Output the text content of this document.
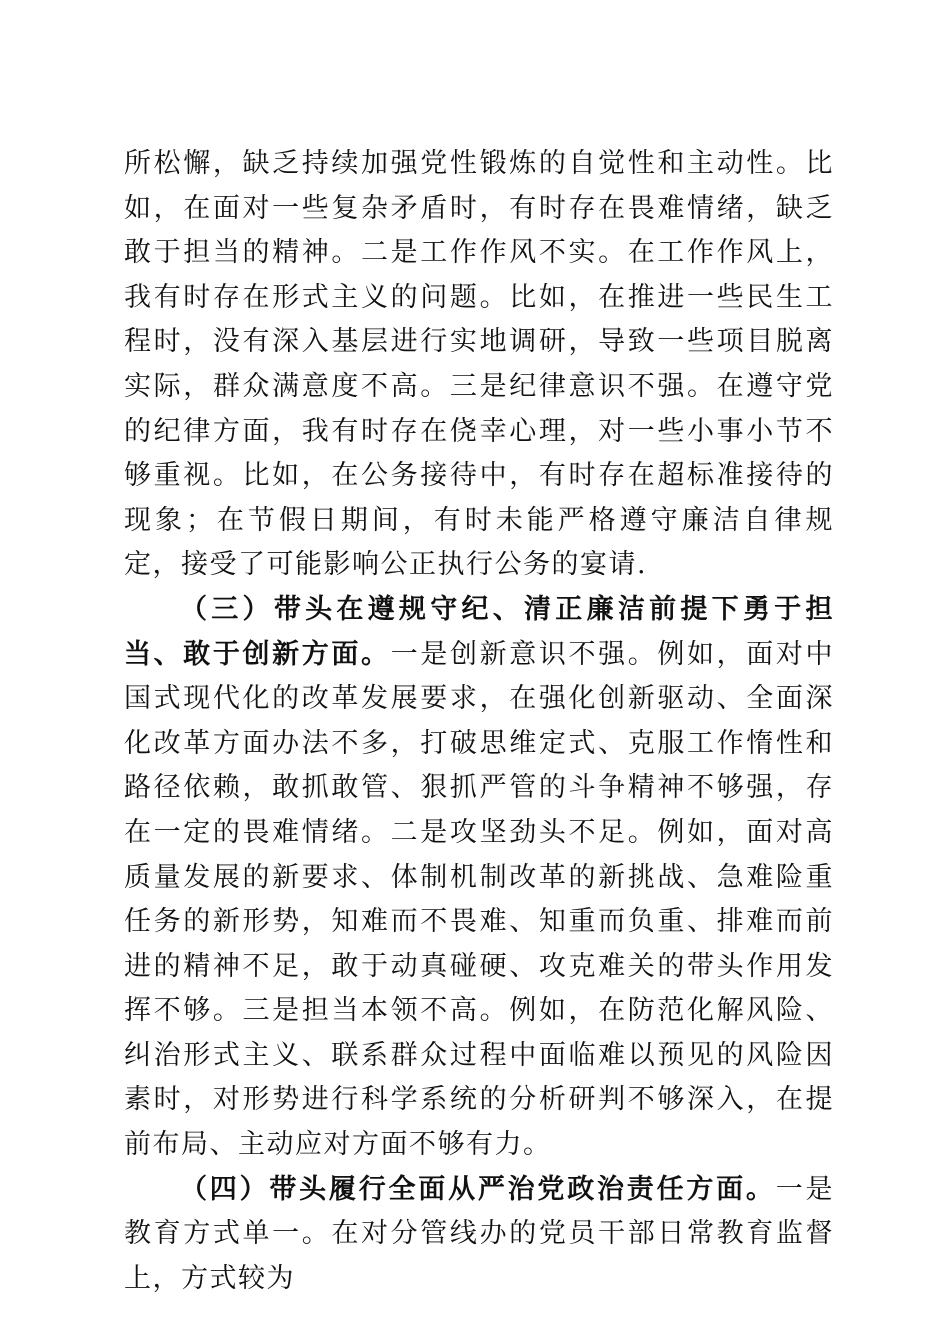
所松懈，缺乏持续加强党性锻炼的自觉性和主动性。比如，在面对一些复杂矛盾时，有时存在畏难情绪，缺乏敢于担当的精神。二是工作作风不实。在工作作风上，我有时存在形式主义的问题。比如，在推进一些民生工程时，没有深入基层进行实地调研，导致一些项目脱离实际，群众满意度不高。三是纪律意识不强。在遵守党的纪律方面，我有时存在侥幸心理，对一些小事小节不够重视。比如，在公务接待中，有时存在超标准接待的现象；在节假日期间，有时未能严格遵守廉洁自律规定，接受了可能影响公正执行公务的宴请.

（三）带头在遵规守纪、清正廉洁前提下勇于担当、敢于创新方面。一是创新意识不强。例如，面对中国式现代化的改革发展要求，在强化创新驱动、全面深化改革方面办法不多，打破思维定式、克服工作惰性和路径依赖，敢抓敢管、狠抓严管的斗争精神不够强，存在一定的畏难情绪。二是攻坚劲头不足。例如，面对高质量发展的新要求、体制机制改革的新挑战、急难险重任务的新形势，知难而不畏难、知重而负重、排难而前进的精神不足，敢于动真碰硬、攻克难关的带头作用发挥不够。三是担当本领不高。例如，在防范化解风险、纠治形式主义、联系群众过程中面临难以预见的风险因素时，对形势进行科学系统的分析研判不够深入，在提前布局、主动应对方面不够有力。

（四）带头履行全面从严治党政治责任方面。一是教育方式单一。在对分管线办的党员干部日常教育监督上，方式较为
